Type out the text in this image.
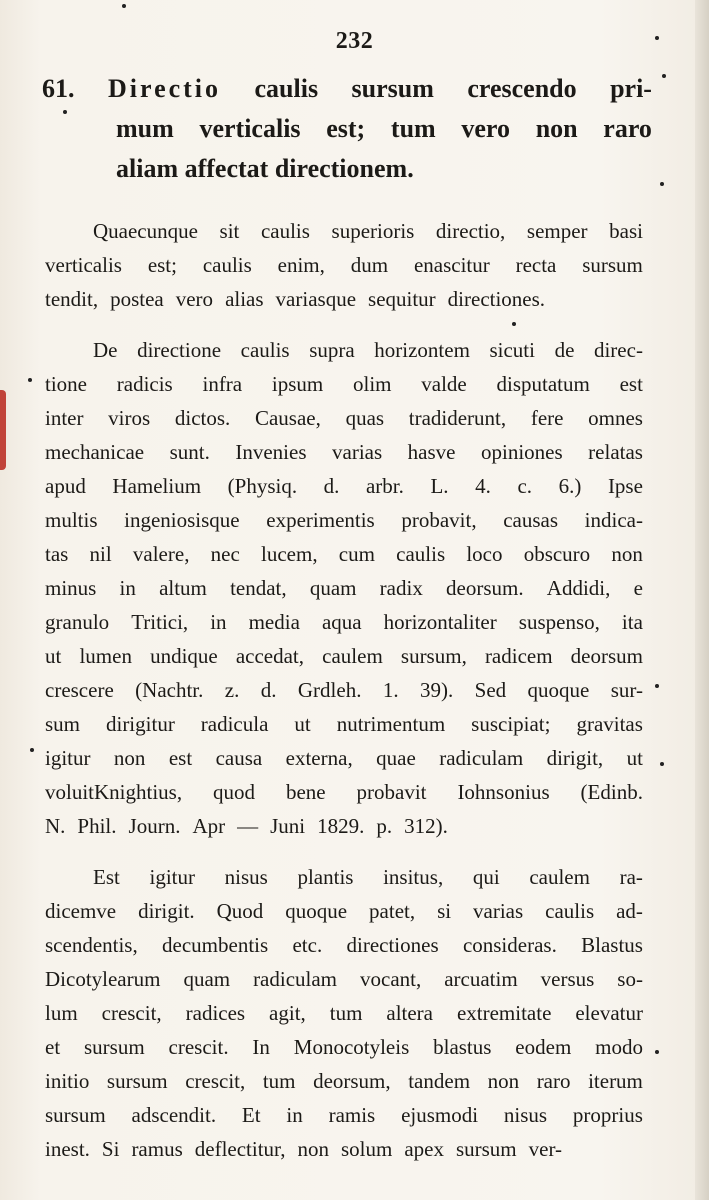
232
61. Directio caulis sursum crescendo pri-
mum verticalis est; tum vero non raro
aliam affectat directionem.
Quaecunque sit caulis superioris directio, semper basi
verticalis est; caulis enim, dum enascitur recta sursum
tendit, postea vero alias variasque sequitur directiones.
De directione caulis supra horizontem sicuti de direc-
tione radicis infra ipsum olim valde disputatum est
inter viros dictos. Causae, quas tradiderunt, fere omnes
mechanicae sunt. Invenies varias hasve opiniones relatas
apud Hamelium (Physiq. d. arbr. L. 4. c. 6.) Ipse
multis ingeniosisque experimentis probavit, causas indica-
tas nil valere, nec lucem, cum caulis loco obscuro non
minus in altum tendat, quam radix deorsum. Addidi, e
granulo Tritici, in media aqua horizontaliter suspenso, ita
ut lumen undique accedat, caulem sursum, radicem deorsum
crescere (Nachtr. z. d. Grdleh. 1. 39). Sed quoque sur-
sum dirigitur radicula ut nutrimentum suscipiat; gravitas
igitur non est causa externa, quae radiculam dirigit, ut
voluitKnightius, quod bene probavit Iohnsonius (Edinb.
N. Phil. Journ. Apr — Juni 1829. p. 312).
Est igitur nisus plantis insitus, qui caulem ra-
dicemve dirigit. Quod quoque patet, si varias caulis ad-
scendentis, decumbentis etc. directiones consideras. Blastus
Dicotylearum quam radiculam vocant, arcuatim versus so-
lum crescit, radices agit, tum altera extremitate elevatur
et sursum crescit. In Monocotyleis blastus eodem modo
initio sursum crescit, tum deorsum, tandem non raro iterum
sursum adscendit. Et in ramis ejusmodi nisus proprius
inest. Si ramus deflectitur, non solum apex sursum ver-
